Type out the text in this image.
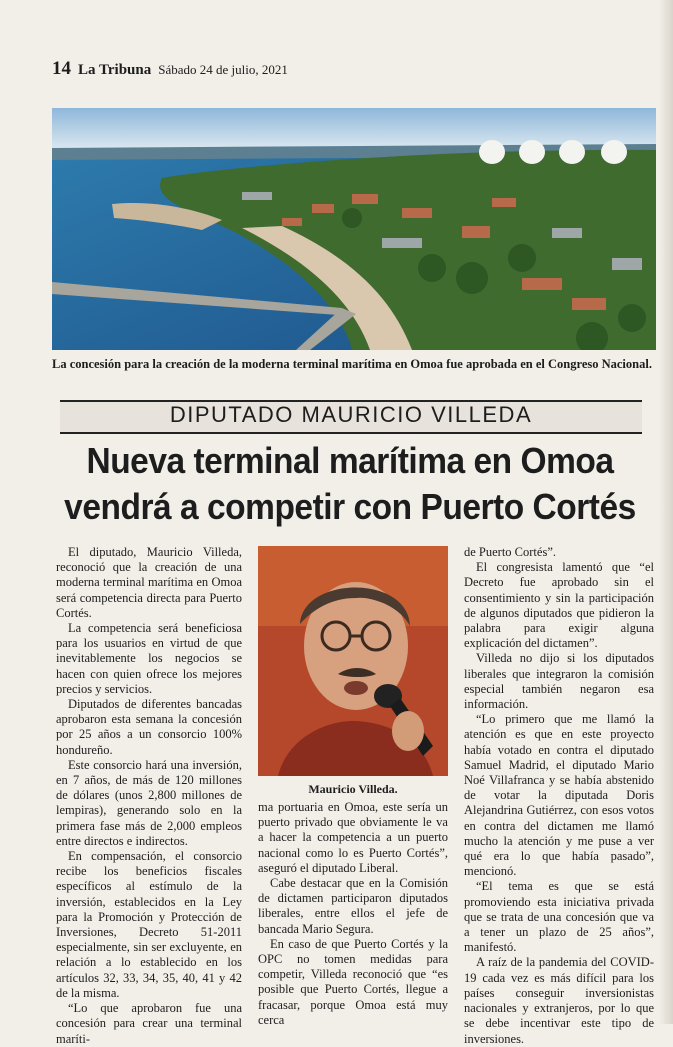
14 La Tribuna Sábado 24 de julio, 2021
La concesión para la creación de la moderna terminal marítima en Omoa fue aprobada en el Congreso Nacional.
DIPUTADO MAURICIO VILLEDA
Nueva terminal marítima en Omoa
vendrá a competir con Puerto Cortés

El diputado, Mauricio Villeda, reconoció que la creación de una moderna terminal marítima en Omoa será competencia directa para Puerto Cortés.

La competencia será beneficiosa para los usuarios en virtud de que inevitablemente los negocios se hacen con quien ofrece los mejores precios y servicios.

Diputados de diferentes bancadas aprobaron esta semana la concesión por 25 años a un consorcio 100% hondureño.

Este consorcio hará una inversión, en 7 años, de más de 120 millones de dólares (unos 2,800 millones de lempiras), generando solo en la primera fase más de 2,000 empleos entre directos e indirectos.

En compensación, el consorcio recibe los beneficios fiscales específicos al estímulo de la inversión, establecidos en la Ley para la Promoción y Protección de Inversiones, Decreto 51-2011 especialmente, sin ser excluyente, en relación a lo establecido en los artículos 32, 33, 34, 35, 40, 41 y 42 de la misma.

“Lo que aprobaron fue una concesión para crear una terminal maríti-

Mauricio Villeda.

ma portuaria en Omoa, este sería un puerto privado que obviamente le va a hacer la competencia a un puerto nacional como lo es Puerto Cortés”, aseguró el diputado Liberal.

Cabe destacar que en la Comisión de dictamen participaron diputados liberales, entre ellos el jefe de bancada Mario Segura.

En caso de que Puerto Cortés y la OPC no tomen medidas para competir, Villeda reconoció que “es posible que Puerto Cortés, llegue a fracasar, porque Omoa está muy cerca

de Puerto Cortés”.

El congresista lamentó que “el Decreto fue aprobado sin el consentimiento y sin la participación de algunos diputados que pidieron la palabra para exigir alguna explicación del dictamen”.

Villeda no dijo si los diputados liberales que integraron la comisión especial también negaron esa información.

“Lo primero que me llamó la atención es que en este proyecto había votado en contra el diputado Samuel Madrid, el diputado Mario Noé Villafranca y se había abstenido de votar la diputada Doris Alejandrina Gutiérrez, con esos votos en contra del dictamen me llamó mucho la atención y me puse a ver qué era lo que había pasado”, mencionó.

“El tema es que se está promoviendo esta iniciativa privada que se trata de una concesión que va a tener un plazo de 25 años”, manifestó.

A raíz de la pandemia del COVID-19 cada vez es más difícil para los países conseguir inversionistas nacionales y extranjeros, por lo que se debe incentivar este tipo de inversiones.
